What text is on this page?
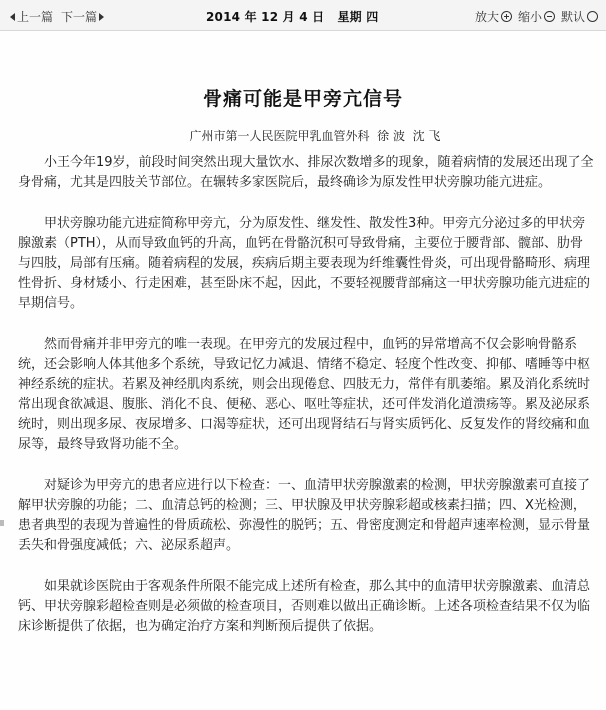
上一篇 下一篇	2014 年 12 月 4 日   星期 四	放大 缩小 默认
骨痛可能是甲旁亢信号
广州市第一人民医院甲乳血管外科  徐 波  沈 飞

小王今年19岁，前段时间突然出现大量饮水、排尿次数增多的现象，随着病情的发展还出现了全身骨痛，尤其是四肢关节部位。在辗转多家医院后，最终确诊为原发性甲状旁腺功能亢进症。

甲状旁腺功能亢进症简称甲旁亢，分为原发性、继发性、散发性3种。甲旁亢分泌过多的甲状旁腺激素（PTH），从而导致血钙的升高，血钙在骨骼沉积可导致骨痛，主要位于腰背部、髋部、肋骨与四肢，局部有压痛。随着病程的发展，疾病后期主要表现为纤维囊性骨炎，可出现骨骼畸形、病理性骨折、身材矮小、行走困难，甚至卧床不起，因此，不要轻视腰背部痛这一甲状旁腺功能亢进症的早期信号。

然而骨痛并非甲旁亢的唯一表现。在甲旁亢的发展过程中，血钙的异常增高不仅会影响骨骼系统，还会影响人体其他多个系统，导致记忆力减退、情绪不稳定、轻度个性改变、抑郁、嗜睡等中枢神经系统的症状。若累及神经肌肉系统，则会出现倦怠、四肢无力，常伴有肌萎缩。累及消化系统时常出现食欲减退、腹胀、消化不良、便秘、恶心、呕吐等症状，还可伴发消化道溃疡等。累及泌尿系统时，则出现多尿、夜尿增多、口渴等症状，还可出现肾结石与肾实质钙化、反复发作的肾绞痛和血尿等，最终导致肾功能不全。

对疑诊为甲旁亢的患者应进行以下检查：一、血清甲状旁腺激素的检测，甲状旁腺激素可直接了解甲状旁腺的功能；二、血清总钙的检测；三、甲状腺及甲状旁腺彩超或核素扫描；四、X光检测，患者典型的表现为普遍性的骨质疏松、弥漫性的脱钙；五、骨密度测定和骨超声速率检测，显示骨量丢失和骨强度减低；六、泌尿系超声。

如果就诊医院由于客观条件所限不能完成上述所有检查，那么其中的血清甲状旁腺激素、血清总钙、甲状旁腺彩超检查则是必须做的检查项目，否则难以做出正确诊断。上述各项检查结果不仅为临床诊断提供了依据，也为确定治疗方案和判断预后提供了依据。
